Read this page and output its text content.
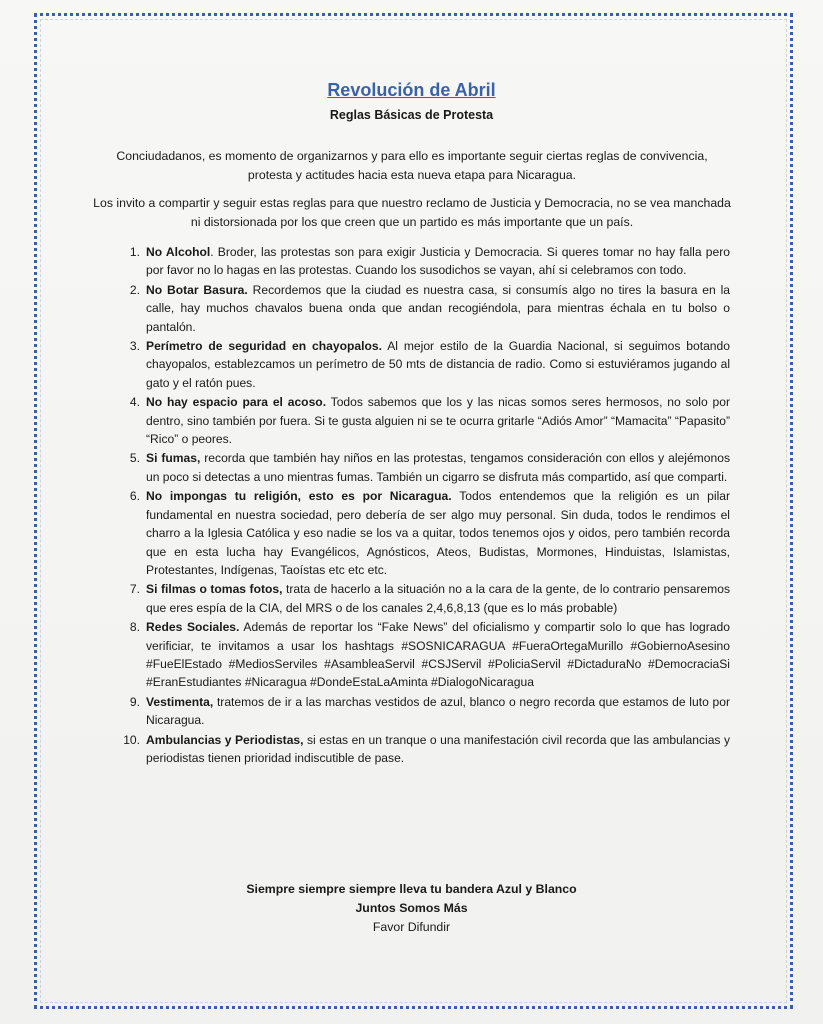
Revolución de Abril
Reglas Básicas de Protesta
Conciudadanos, es momento de organizarnos y para ello es importante seguir ciertas reglas de convivencia, protesta y actitudes hacia esta nueva etapa para Nicaragua.
Los invito a compartir y seguir estas reglas para que nuestro reclamo de Justicia y Democracia, no se vea manchada ni distorsionada por los que creen que un partido es más importante que un país.
1. No Alcohol. Broder, las protestas son para exigir Justicia y Democracia. Si queres tomar no hay falla pero por favor no lo hagas en las protestas. Cuando los susodichos se vayan, ahí si celebramos con todo.
2. No Botar Basura. Recordemos que la ciudad es nuestra casa, si consumís algo no tires la basura en la calle, hay muchos chavalos buena onda que andan recogiéndola, para mientras échala en tu bolso o pantalón.
3. Perímetro de seguridad en chayopalos. Al mejor estilo de la Guardia Nacional, si seguimos botando chayopalos, establezcamos un perímetro de 50 mts de distancia de radio. Como si estuviéramos jugando al gato y el ratón pues.
4. No hay espacio para el acoso. Todos sabemos que los y las nicas somos seres hermosos, no solo por dentro, sino también por fuera. Si te gusta alguien ni se te ocurra gritarle “Adiós Amor” “Mamacita” “Papasito” “Rico” o peores.
5. Si fumas, recorda que también hay niños en las protestas, tengamos consideración con ellos y alejémonos un poco si detectas a uno mientras fumas. También un cigarro se disfruta más compartido, así que comparti.
6. No impongas tu religión, esto es por Nicaragua. Todos entendemos que la religión es un pilar fundamental en nuestra sociedad, pero debería de ser algo muy personal. Sin duda, todos le rendimos el charro a la Iglesia Católica y eso nadie se los va a quitar, todos tenemos ojos y oidos, pero también recorda que en esta lucha hay Evangélicos, Agnósticos, Ateos, Budistas, Mormones, Hinduistas, Islamistas, Protestantes, Indígenas, Taoístas etc etc etc.
7. Si filmas o tomas fotos, trata de hacerlo a la situación no a la cara de la gente, de lo contrario pensaremos que eres espía de la CIA, del MRS o de los canales 2,4,6,8,13 (que es lo más probable)
8. Redes Sociales. Además de reportar los “Fake News” del oficialismo y compartir solo lo que has logrado verificiar, te invitamos a usar los hashtags #SOSNICARAGUA #FueraOrtegaMurillo #GobiernoAsesino #FueElEstado #MediosServiles #AsambleaServil #CSJServil #PoliciaServil #DictaduraNo #DemocraciaSi #EranEstudiantes #Nicaragua #DondeEstaLaAminta #DialogoNicaragua
9. Vestimenta, tratemos de ir a las marchas vestidos de azul, blanco o negro recorda que estamos de luto por Nicaragua.
10. Ambulancias y Periodistas, si estas en un tranque o una manifestación civil recorda que las ambulancias y periodistas tienen prioridad indiscutible de pase.
Siempre siempre siempre lleva tu bandera Azul y Blanco
Juntos Somos Más
Favor Difundir
